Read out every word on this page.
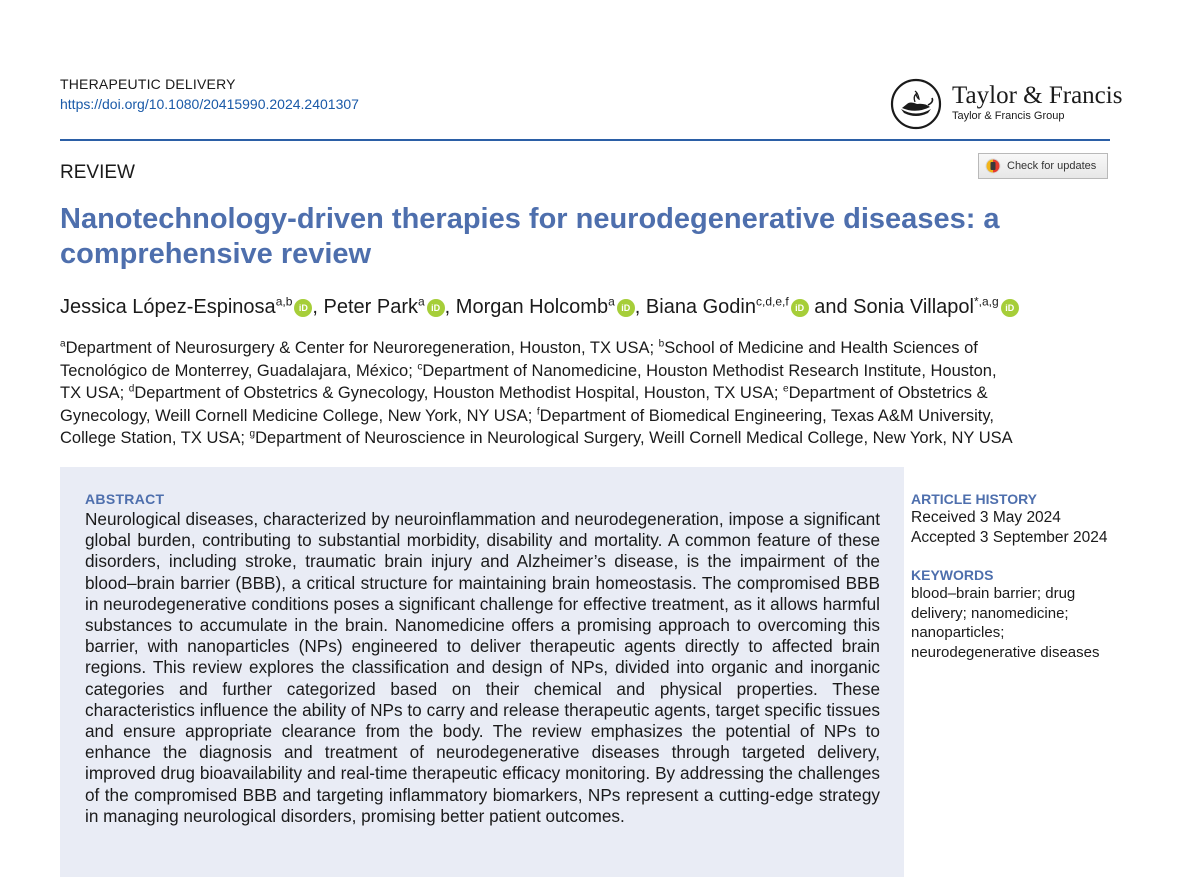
THERAPEUTIC DELIVERY
https://doi.org/10.1080/20415990.2024.2401307	Taylor & Francis
Taylor & Francis Group
REVIEW	Check for updates
Nanotechnology-driven therapies for neurodegenerative diseases: a comprehensive review
Jessica López-Espinosa$^{a,b}$ iD , Peter Park$^a$ iD , Morgan Holcomb$^a$ iD , Biana Godin$^{c,d,e,f}$ iD and Sonia Villapol$^{*,a,g}$ iD

$^a$Department of Neurosurgery & Center for Neuroregeneration, Houston, TX USA; $^b$School of Medicine and Health Sciences of Tecnológico de Monterrey, Guadalajara, México; $^c$Department of Nanomedicine, Houston Methodist Research Institute, Houston, TX USA; $^d$Department of Obstetrics & Gynecology, Houston Methodist Hospital, Houston, TX USA; $^e$Department of Obstetrics & Gynecology, Weill Cornell Medicine College, New York, NY USA; $^f$Department of Biomedical Engineering, Texas A&M University, College Station, TX USA; $^g$Department of Neuroscience in Neurological Surgery, Weill Cornell Medical College, New York, NY USA

ABSTRACT

Neurological diseases, characterized by neuroinflammation and neurodegeneration, impose a significant global burden, contributing to substantial morbidity, disability and mortality. A common feature of these disorders, including stroke, traumatic brain injury and Alzheimer’s disease, is the impairment of the blood–brain barrier (BBB), a critical structure for maintaining brain homeostasis. The compromised BBB in neurodegenerative conditions poses a significant challenge for effective treatment, as it allows harmful substances to accumulate in the brain. Nanomedicine offers a promising approach to overcoming this barrier, with nanoparticles (NPs) engineered to deliver therapeutic agents directly to affected brain regions. This review explores the classification and design of NPs, divided into organic and inorganic categories and further categorized based on their chemical and physical properties. These characteristics influence the ability of NPs to carry and release therapeutic agents, target specific tissues and ensure appropriate clearance from the body. The review emphasizes the potential of NPs to enhance the diagnosis and treatment of neurodegenerative diseases through targeted delivery, improved drug bioavailability and real-time therapeutic efficacy monitoring. By addressing the challenges of the compromised BBB and targeting inflammatory biomarkers, NPs represent a cutting-edge strategy in managing neurological disorders, promising better patient outcomes.

ARTICLE HISTORY
Received 3 May 2024
Accepted 3 September 2024
KEYWORDS

blood–brain barrier; drug delivery; nanomedicine; nanoparticles; neurodegenerative diseases
